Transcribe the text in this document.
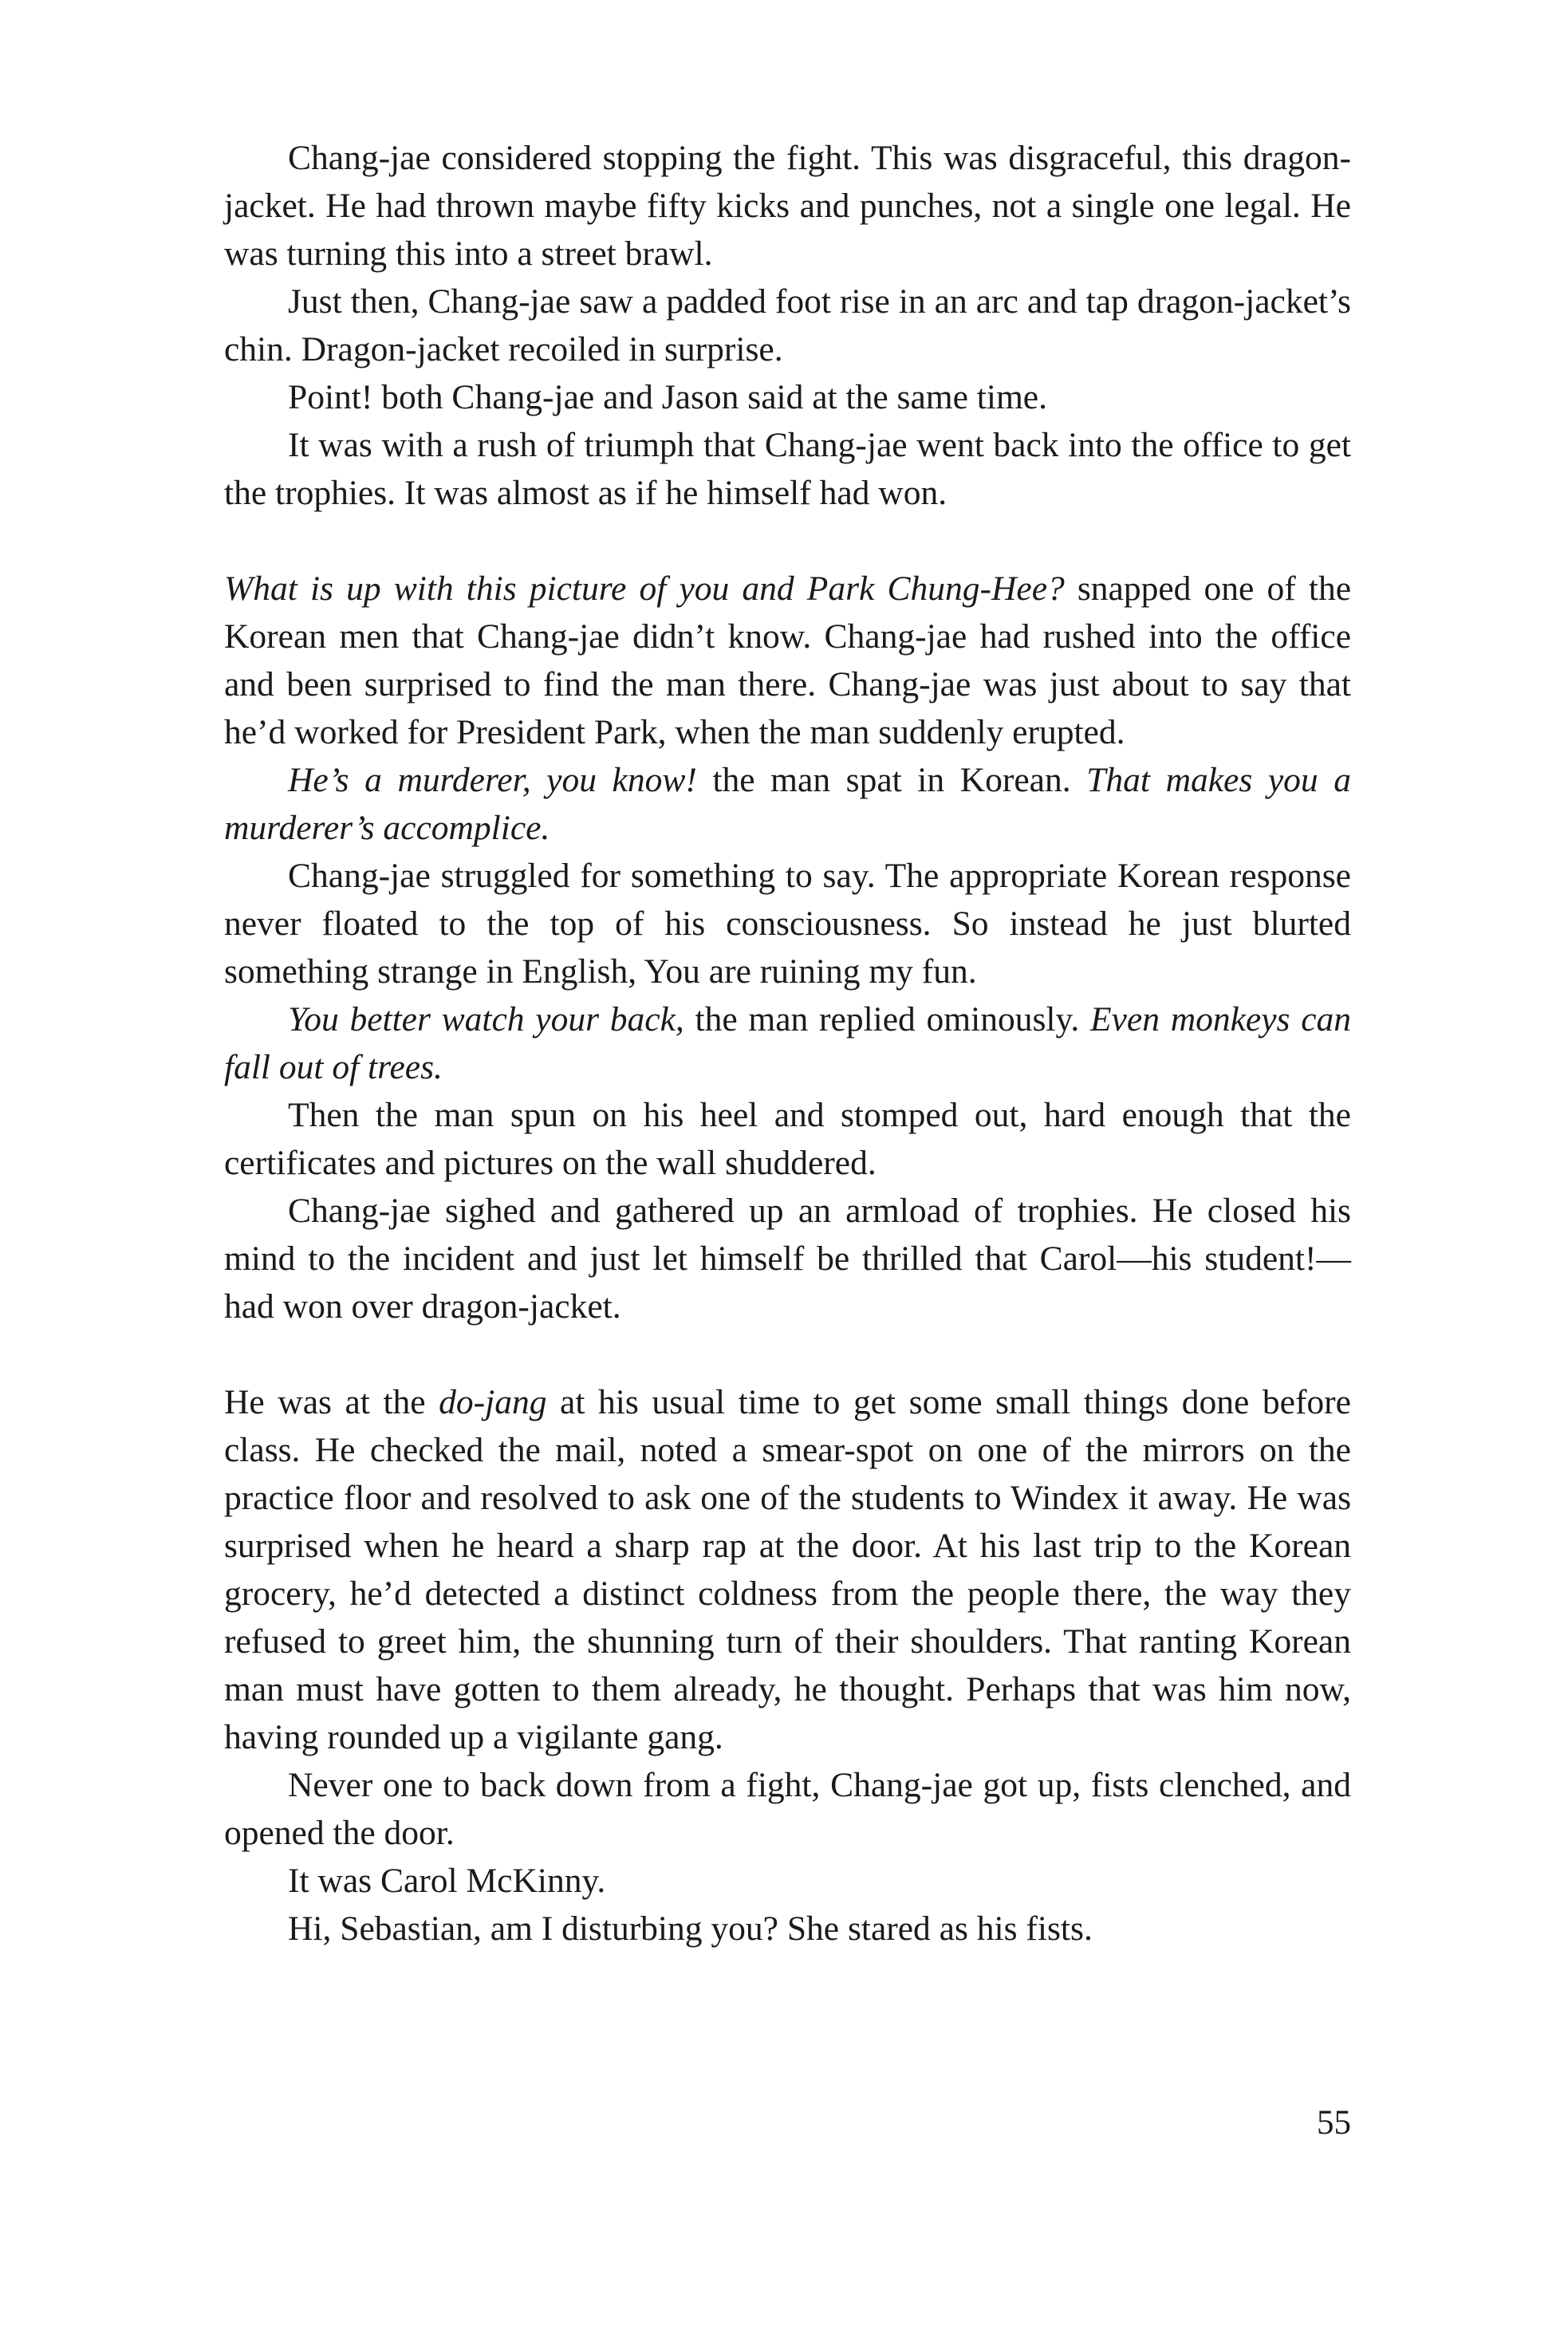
Chang-jae considered stopping the fight. This was disgraceful, this dragon-jacket. He had thrown maybe fifty kicks and punches, not a single one legal. He was turning this into a street brawl.

Just then, Chang-jae saw a padded foot rise in an arc and tap dragon-jacket’s chin. Dragon-jacket recoiled in surprise.

Point! both Chang-jae and Jason said at the same time.

It was with a rush of triumph that Chang-jae went back into the office to get the trophies. It was almost as if he himself had won.

What is up with this picture of you and Park Chung-Hee? snapped one of the Korean men that Chang-jae didn’t know. Chang-jae had rushed into the office and been surprised to find the man there. Chang-jae was just about to say that he’d worked for President Park, when the man suddenly erupted.

He’s a murderer, you know! the man spat in Korean. That makes you a murderer’s accomplice.

Chang-jae struggled for something to say. The appropriate Korean response never floated to the top of his consciousness. So instead he just blurted something strange in English, You are ruining my fun.

You better watch your back, the man replied ominously. Even monkeys can fall out of trees.

Then the man spun on his heel and stomped out, hard enough that the certificates and pictures on the wall shuddered.

Chang-jae sighed and gathered up an armload of trophies. He closed his mind to the incident and just let himself be thrilled that Carol—his student!—had won over dragon-jacket.

He was at the do-jang at his usual time to get some small things done before class. He checked the mail, noted a smear-spot on one of the mirrors on the practice floor and resolved to ask one of the students to Windex it away. He was surprised when he heard a sharp rap at the door. At his last trip to the Korean grocery, he’d detected a distinct coldness from the people there, the way they refused to greet him, the shunning turn of their shoulders. That ranting Korean man must have gotten to them already, he thought. Perhaps that was him now, having rounded up a vigilante gang.

Never one to back down from a fight, Chang-jae got up, fists clenched, and opened the door.

It was Carol McKinny.

Hi, Sebastian, am I disturbing you? She stared as his fists.

55
